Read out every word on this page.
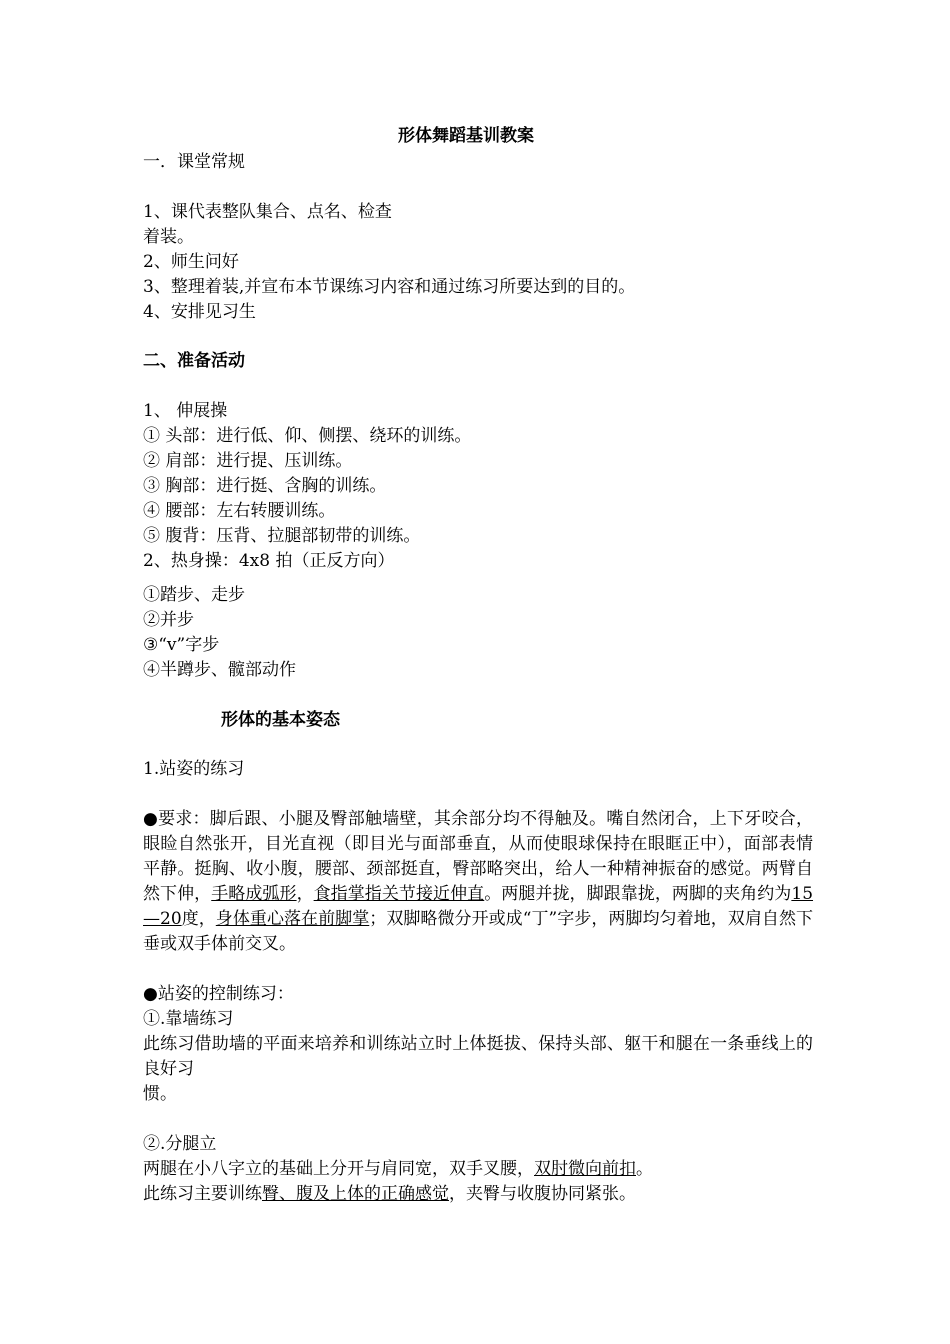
形体舞蹈基训教案
一．课堂常规
1、课代表整队集合、点名、检查
着装。
2、师生问好
3、整理着装,并宣布本节课练习内容和通过练习所要达到的目的。
4、安排见习生
二、准备活动
1、 伸展操
① 头部：进行低、仰、侧摆、绕环的训练。
② 肩部：进行提、压训练。
③ 胸部：进行挺、含胸的训练。
④ 腰部：左右转腰训练。
⑤ 腹背：压背、拉腿部韧带的训练。
2、热身操：4x8 拍（正反方向）
①踏步、走步
②并步
③“v”字步
④半蹲步、髋部动作
形体的基本姿态
1.站姿的练习
●要求：脚后跟、小腿及臀部触墙壁，其余部分均不得触及。嘴自然闭合，上下牙咬合，眼睑自然张开，目光直视（即目光与面部垂直，从而使眼球保持在眼眶正中），面部表情平静。挺胸、收小腹，腰部、颈部挺直，臀部略突出，给人一种精神振奋的感觉。两臂自然下伸，手略成弧形，食指掌指关节接近伸直。两腿并拢，脚跟靠拢，两脚的夹角约为15—20度，身体重心落在前脚掌；双脚略微分开或成“丁”字步，两脚均匀着地，双肩自然下垂或双手体前交叉。
●站姿的控制练习：
①.靠墙练习
此练习借助墙的平面来培养和训练站立时上体挺拔、保持头部、躯干和腿在一条垂线上的良好习
惯。
②.分腿立
两腿在小八字立的基础上分开与肩同宽，双手叉腰，双肘微向前扣。
此练习主要训练臀、腹及上体的正确感觉，夹臀与收腹协同紧张。
